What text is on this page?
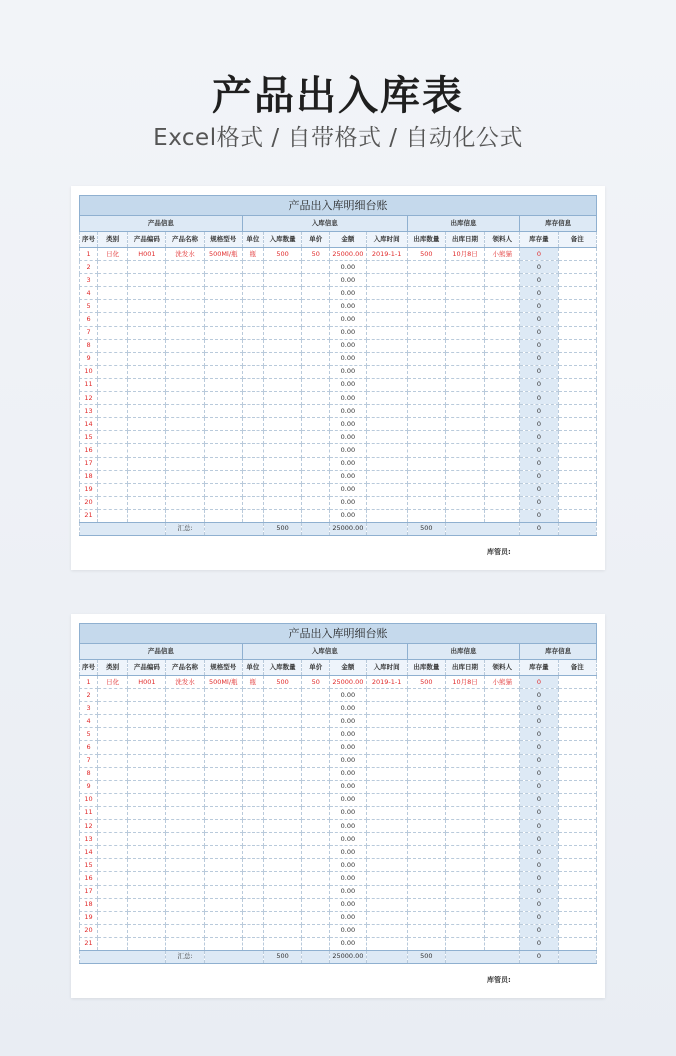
产品出入库表
Excel格式 / 自带格式 / 自动化公式
产品出入库明细台账														
产品信息					入库信息					出库信息			库存信息	
序号	类别	产品编码	产品名称	规格型号	单位	入库数量	单价	金额	入库时间	出库数量	出库日期	领料人	库存量	备注
1	日化	H001	洗发水	500Ml/瓶	瓶	500	50	25000.00	2019-1-1	500	10月8日	小熊猫	0	
2								0.00					0	
3								0.00					0	
4								0.00					0	
5								0.00					0	
6								0.00					0	
7								0.00					0	
8								0.00					0	
9								0.00					0	
10								0.00					0	
11								0.00					0	
12								0.00					0	
13								0.00					0	
14								0.00					0	
15								0.00					0	
16								0.00					0	
17								0.00					0	
18								0.00					0	
19								0.00					0	
20								0.00					0	
21								0.00					0	
			汇总:			500		25000.00		500			0	
库管员:
产品出入库明细台账														
产品信息					入库信息					出库信息			库存信息	
序号	类别	产品编码	产品名称	规格型号	单位	入库数量	单价	金额	入库时间	出库数量	出库日期	领料人	库存量	备注
1	日化	H001	洗发水	500Ml/瓶	瓶	500	50	25000.00	2019-1-1	500	10月8日	小熊猫	0	
2								0.00					0	
3								0.00					0	
4								0.00					0	
5								0.00					0	
6								0.00					0	
7								0.00					0	
8								0.00					0	
9								0.00					0	
10								0.00					0	
11								0.00					0	
12								0.00					0	
13								0.00					0	
14								0.00					0	
15								0.00					0	
16								0.00					0	
17								0.00					0	
18								0.00					0	
19								0.00					0	
20								0.00					0	
21								0.00					0	
			汇总:			500		25000.00		500			0	
库管员:
